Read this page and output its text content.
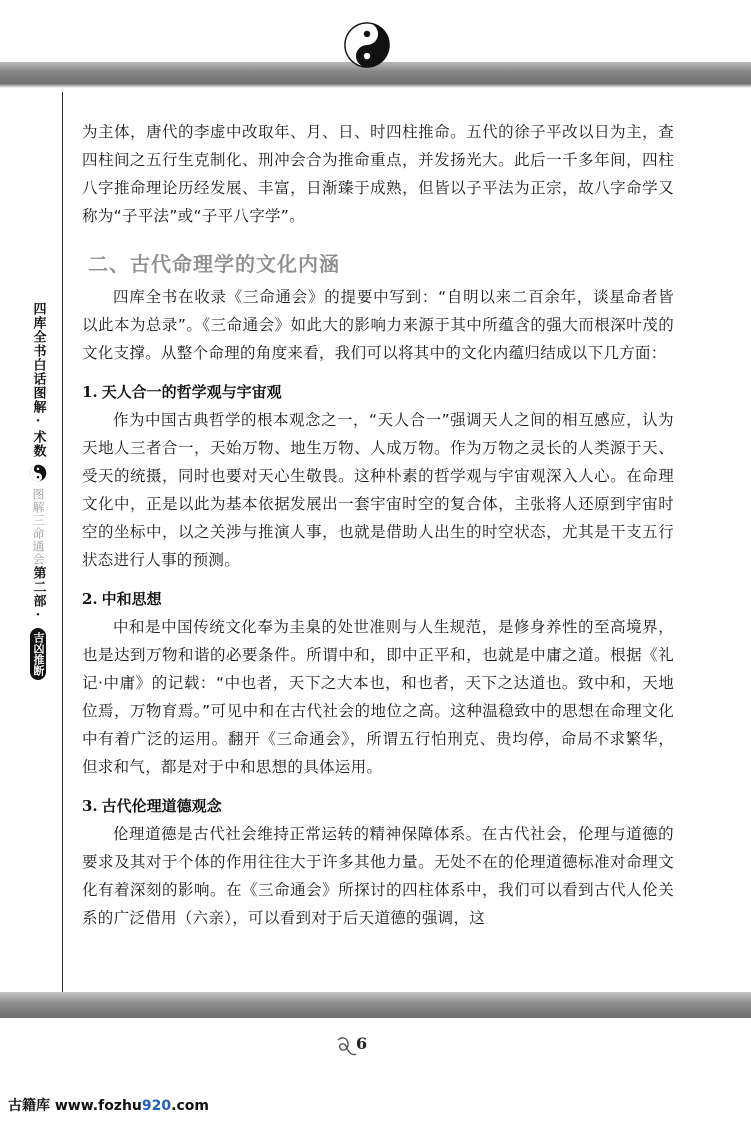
四库全书白话图解·术数
图解三命通会
第二部·
吉凶推断

为主体，唐代的李虚中改取年、月、日、时四柱推命。五代的徐子平改以日为主，查四柱间之五行生克制化、刑冲会合为推命重点，并发扬光大。此后一千多年间，四柱八字推命理论历经发展、丰富，日渐臻于成熟，但皆以子平法为正宗，故八字命学又称为“子平法”或“子平八字学”。

二、古代命理学的文化内涵

四库全书在收录《三命通会》的提要中写到：“自明以来二百余年，谈星命者皆以此本为总录”。《三命通会》如此大的影响力来源于其中所蕴含的强大而根深叶茂的文化支撑。从整个命理的角度来看，我们可以将其中的文化内蕴归结成以下几方面：

1. 天人合一的哲学观与宇宙观

作为中国古典哲学的根本观念之一，“天人合一”强调天人之间的相互感应，认为天地人三者合一，天始万物、地生万物、人成万物。作为万物之灵长的人类源于天、受天的统摄，同时也要对天心生敬畏。这种朴素的哲学观与宇宙观深入人心。在命理文化中，正是以此为基本依据发展出一套宇宙时空的复合体，主张将人还原到宇宙时空的坐标中，以之关涉与推演人事，也就是借助人出生的时空状态，尤其是干支五行状态进行人事的预测。

2. 中和思想

中和是中国传统文化奉为圭臬的处世准则与人生规范，是修身养性的至高境界，也是达到万物和谐的必要条件。所谓中和，即中正平和，也就是中庸之道。根据《礼记·中庸》的记载：“中也者，天下之大本也，和也者，天下之达道也。致中和，天地位焉，万物育焉。”可见中和在古代社会的地位之高。这种温稳致中的思想在命理文化中有着广泛的运用。翻开《三命通会》，所谓五行怕刑克、贵均停，命局不求繁华，但求和气，都是对于中和思想的具体运用。

3. 古代伦理道德观念

伦理道德是古代社会维持正常运转的精神保障体系。在古代社会，伦理与道德的要求及其对于个体的作用往往大于许多其他力量。无处不在的伦理道德标准对命理文化有着深刻的影响。在《三命通会》所探讨的四柱体系中，我们可以看到古代人伦关系的广泛借用（六亲），可以看到对于后天道德的强调，这

6
古籍库 www.fozhu920.com
